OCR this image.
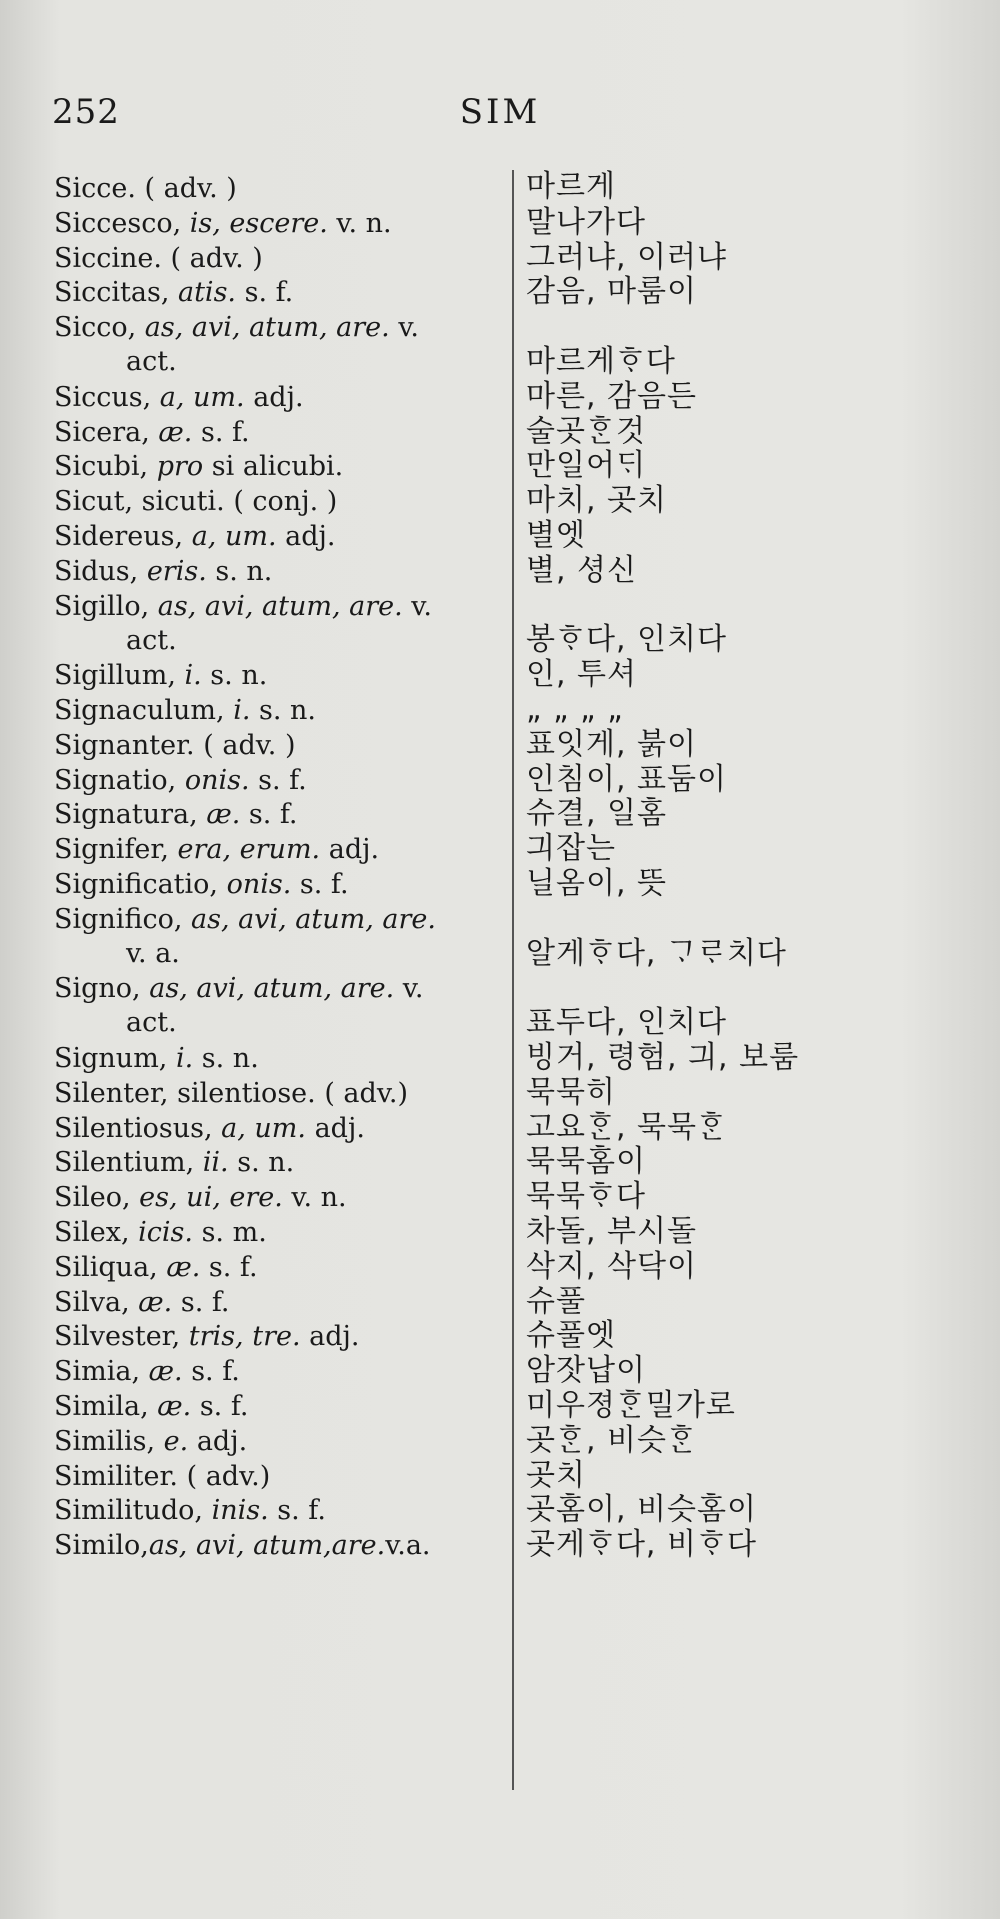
252	SIM
Sicce. ( adv. )	마르게
Siccesco, is, escere. v. n.	말나가다
Siccine. ( adv. )	그러냐, 이러냐
Siccitas, atis. s. f.	감음, 마룸이
Sicco, as, avi, atum, are. v.
act.	마르게ᄒᆞ다
Siccus, a, um. adj.	마른, 감음든
Sicera, æ. s. f.	술곳ᄒᆞᆫ것
Sicubi, pro si alicubi.	만일어ᄃᆡ
Sicut, sicuti. ( conj. )	마치, 곳치
Sidereus, a, um. adj.	별엣
Sidus, eris. s. n.	별, 셩신
Sigillo, as, avi, atum, are. v.
act.	봉ᄒᆞ다, 인치다
Sigillum, i. s. n.	인, 투셔
Signaculum, i. s. n.	„ „ „ „
Signanter. ( adv. )	표잇게, 붉이
Signatio, onis. s. f.	인침이, 표둠이
Signatura, æ. s. f.	슈결, 일홈
Signifer, era, erum. adj.	긔잡는
Significatio, onis. s. f.	닐옴이, 뜻
Significo, as, avi, atum, are.
v. a.	알게ᄒᆞ다, ᄀᆞᄅᆞ치다
Signo, as, avi, atum, are. v.
act.	표두다, 인치다
Signum, i. s. n.	빙거, 령험, 긔, 보룸
Silenter, silentiose. ( adv.)	묵묵히
Silentiosus, a, um. adj.	고요ᄒᆞᆫ, 묵묵ᄒᆞᆫ
Silentium, ii. s. n.	묵묵홈이
Sileo, es, ui, ere. v. n.	묵묵ᄒᆞ다
Silex, icis. s. m.	차돌, 부시돌
Siliqua, æ. s. f.	삭지, 삭닥이
Silva, æ. s. f.	슈풀
Silvester, tris, tre. adj.	슈풀엣
Simia, æ. s. f.	암잣납이
Simila, æ. s. f.	미우졍ᄒᆞᆫ밀가로
Similis, e. adj.	곳ᄒᆞᆫ, 비슷ᄒᆞᆫ
Similiter. ( adv.)	곳치
Similitudo, inis. s. f.	곳홈이, 비슷홈이
Similo,as, avi, atum,are.v.a.	곳게ᄒᆞ다, 비ᄒᆞ다
